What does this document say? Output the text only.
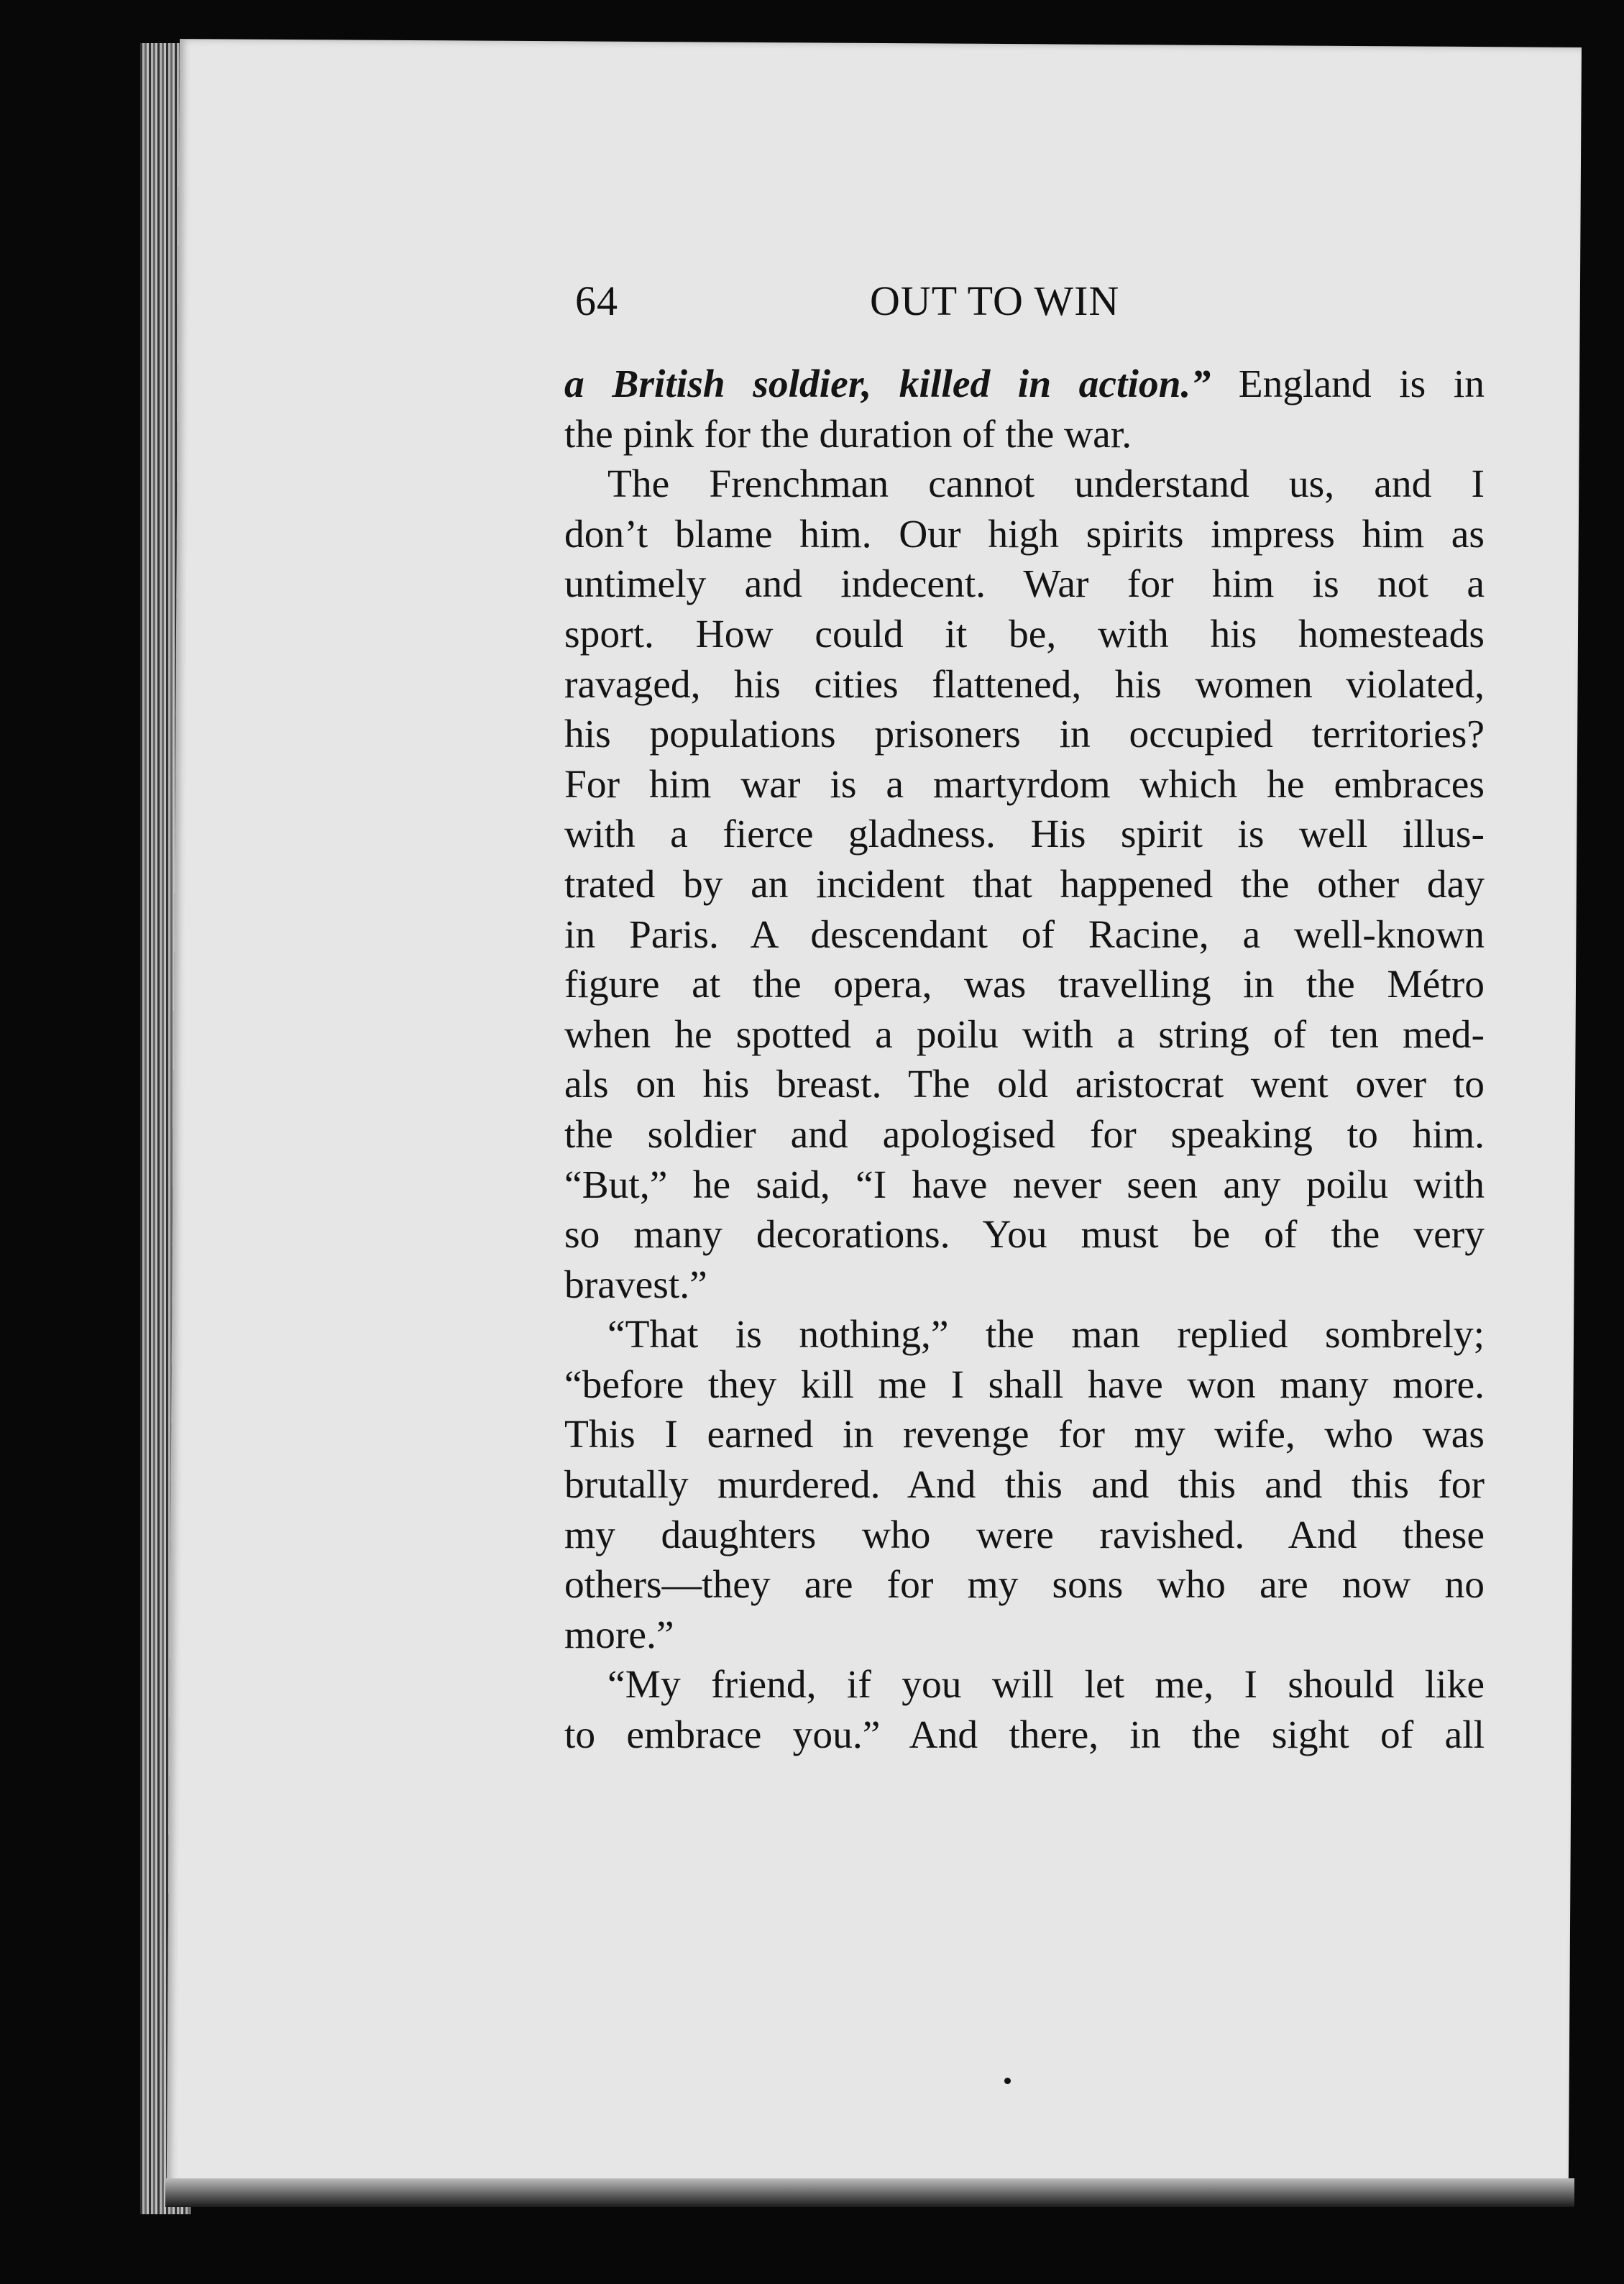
64	OUT TO WIN
a British soldier, killed in action.” England is in
the pink for the duration of the war.
The Frenchman cannot understand us, and I
don’t blame him. Our high spirits impress him as
untimely and indecent. War for him is not a
sport. How could it be, with his homesteads
ravaged, his cities flattened, his women violated,
his populations prisoners in occupied territories?
For him war is a martyrdom which he embraces
with a fierce gladness. His spirit is well illus-
trated by an incident that happened the other day
in Paris. A descendant of Racine, a well-known
figure at the opera, was travelling in the Métro
when he spotted a poilu with a string of ten med-
als on his breast. The old aristocrat went over to
the soldier and apologised for speaking to him.
“But,” he said, “I have never seen any poilu with
so many decorations. You must be of the very
bravest.”
“That is nothing,” the man replied sombrely;
“before they kill me I shall have won many more.
This I earned in revenge for my wife, who was
brutally murdered. And this and this and this for
my daughters who were ravished. And these
others—they are for my sons who are now no
more.”
“My friend, if you will let me, I should like
to embrace you.” And there, in the sight of all
